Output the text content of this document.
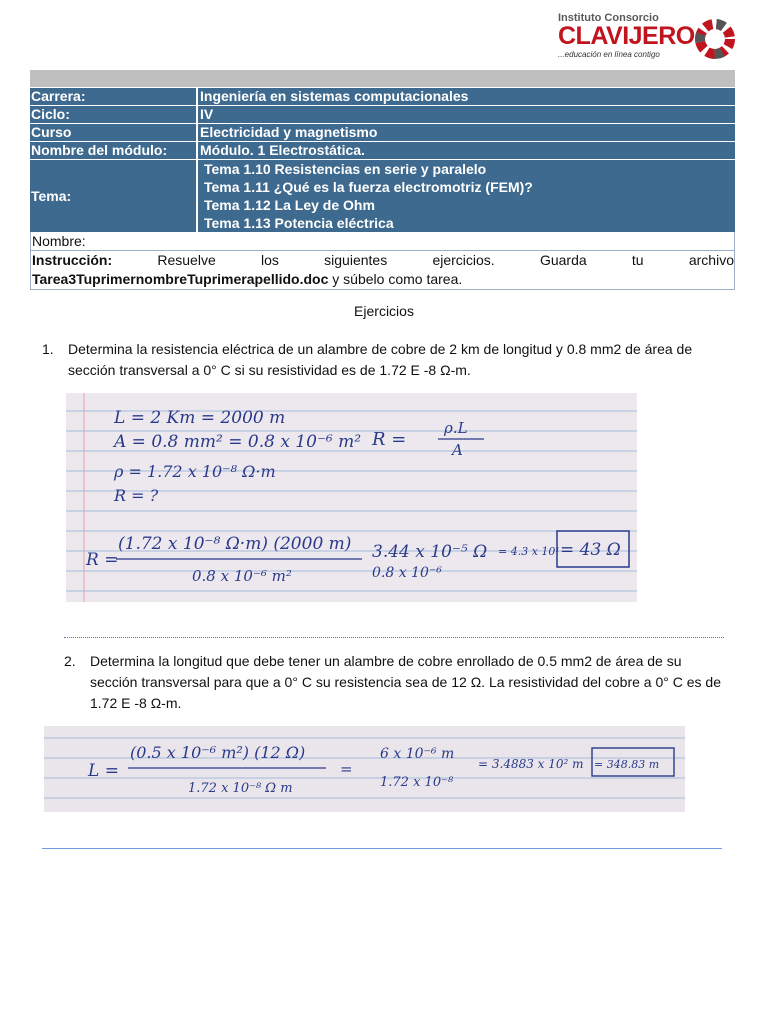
Instituto Consorcio
CLAVIJERO
...educación en línea contigo
Carrera:	Ingeniería en sistemas computacionales
Ciclo:	IV
Curso	Electricidad y magnetismo
Nombre del módulo:	Módulo. 1 Electrostática.
Tema:
Tema 1.10 Resistencias en serie y paralelo
Tema 1.11 ¿Qué es la fuerza electromotriz (FEM)?
Tema 1.12 La Ley de Ohm
Tema 1.13 Potencia eléctrica
Nombre:
Instrucción:	Resuelve	los	siguientes	ejercicios.	Guarda	tu	archivo
Tarea3TuprimernombreTuprimerapellido.doc y súbelo como tarea.
Ejercicios
1. Determina la resistencia eléctrica de un alambre de cobre de 2 km de longitud y 0.8 mm2 de área de sección transversal a 0° C si su resistividad es de 1.72 E -8 Ω-m.
L = 2 Km = 2000 m
A = 0.8 mm² = 0.8 x 10⁻⁶ m²
ρ = 1.72 x 10⁻⁸ Ω·m
R = ?
R =
ρ.L
A
R =
(1.72 x 10⁻⁸ Ω·m) (2000 m)
0.8 x 10⁻⁶ m²
3.44 x 10⁻⁵ Ω
0.8 x 10⁻⁶
= 4.3 x 10¹ = 43 Ω
2. Determina la longitud que debe tener un alambre de cobre enrollado de 0.5 mm2 de área de su sección transversal para que a 0° C su resistencia sea de 12 Ω. La resistividad del cobre a 0° C es de 1.72 E -8 Ω-m.
L =
(0.5 x 10⁻⁶ m²) (12 Ω)
1.72 x 10⁻⁸ Ω m
=
6 x 10⁻⁶ m
1.72 x 10⁻⁸
= 3.4883 x 10² m = 348.83 m
